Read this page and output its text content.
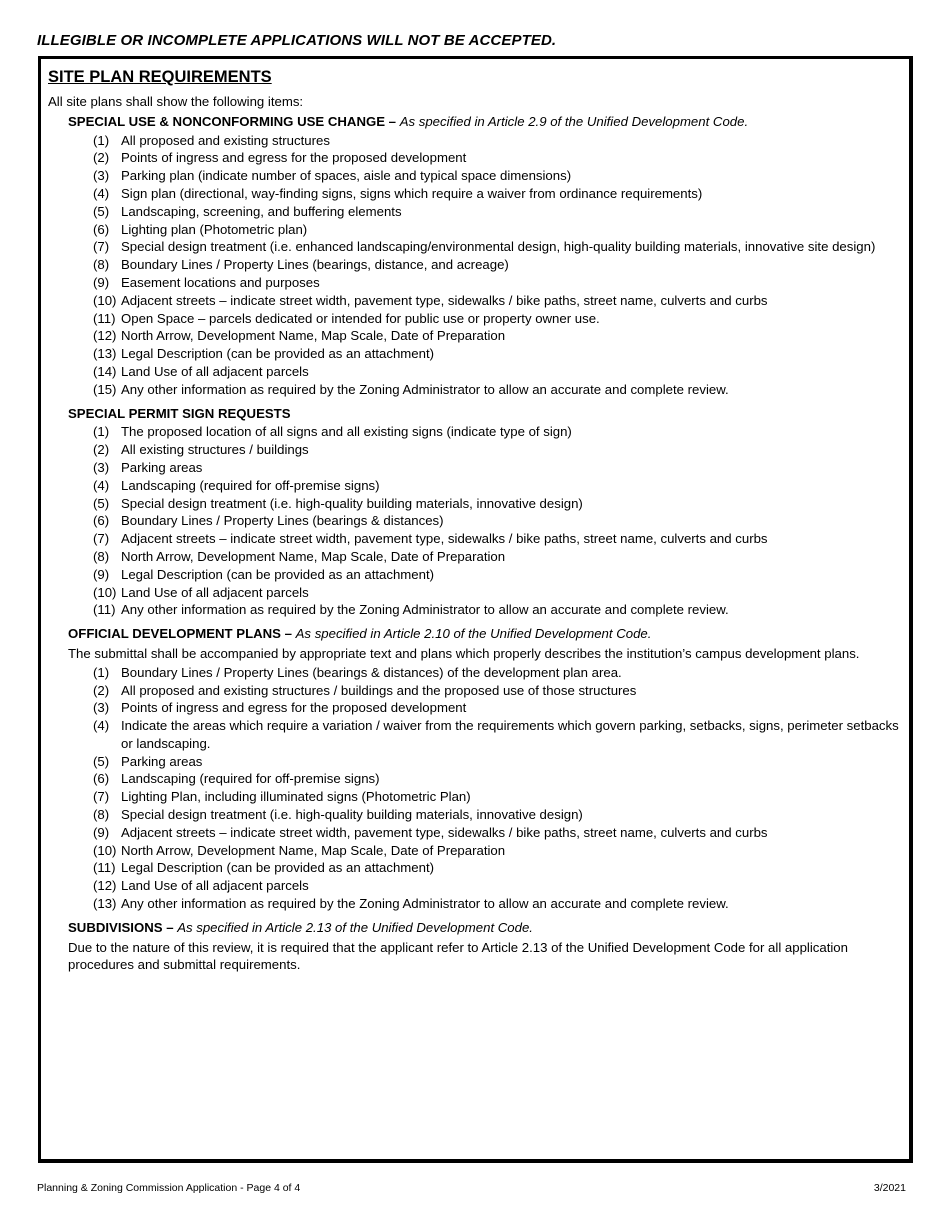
ILLEGIBLE OR INCOMPLETE APPLICATIONS WILL NOT BE ACCEPTED.
SITE PLAN REQUIREMENTS
All site plans shall show the following items:
SPECIAL USE & NONCONFORMING USE CHANGE – As specified in Article 2.9 of the Unified Development Code.
(1) All proposed and existing structures
(2) Points of ingress and egress for the proposed development
(3) Parking plan (indicate number of spaces, aisle and typical space dimensions)
(4) Sign plan (directional, way-finding signs, signs which require a waiver from ordinance requirements)
(5) Landscaping, screening, and buffering elements
(6) Lighting plan (Photometric plan)
(7) Special design treatment (i.e. enhanced landscaping/environmental design, high-quality building materials, innovative site design)
(8) Boundary Lines / Property Lines (bearings, distance, and acreage)
(9) Easement locations and purposes
(10) Adjacent streets – indicate street width, pavement type, sidewalks / bike paths, street name, culverts and curbs
(11) Open Space – parcels dedicated or intended for public use or property owner use.
(12) North Arrow, Development Name, Map Scale, Date of Preparation
(13) Legal Description (can be provided as an attachment)
(14) Land Use of all adjacent parcels
(15) Any other information as required by the Zoning Administrator to allow an accurate and complete review.
SPECIAL PERMIT SIGN REQUESTS
(1) The proposed location of all signs and all existing signs (indicate type of sign)
(2) All existing structures / buildings
(3) Parking areas
(4) Landscaping (required for off-premise signs)
(5) Special design treatment (i.e. high-quality building materials, innovative design)
(6) Boundary Lines / Property Lines (bearings & distances)
(7) Adjacent streets – indicate street width, pavement type, sidewalks / bike paths, street name, culverts and curbs
(8) North Arrow, Development Name, Map Scale, Date of Preparation
(9) Legal Description (can be provided as an attachment)
(10) Land Use of all adjacent parcels
(11) Any other information as required by the Zoning Administrator to allow an accurate and complete review.
OFFICIAL DEVELOPMENT PLANS – As specified in Article 2.10 of the Unified Development Code.
The submittal shall be accompanied by appropriate text and plans which properly describes the institution’s campus development plans.
(1) Boundary Lines / Property Lines (bearings & distances) of the development plan area.
(2) All proposed and existing structures / buildings and the proposed use of those structures
(3) Points of ingress and egress for the proposed development
(4) Indicate the areas which require a variation / waiver from the requirements which govern parking, setbacks, signs, perimeter setbacks or landscaping.
(5) Parking areas
(6) Landscaping (required for off-premise signs)
(7) Lighting Plan, including illuminated signs (Photometric Plan)
(8) Special design treatment (i.e. high-quality building materials, innovative design)
(9) Adjacent streets – indicate street width, pavement type, sidewalks / bike paths, street name, culverts and curbs
(10) North Arrow, Development Name, Map Scale, Date of Preparation
(11) Legal Description (can be provided as an attachment)
(12) Land Use of all adjacent parcels
(13) Any other information as required by the Zoning Administrator to allow an accurate and complete review.
SUBDIVISIONS – As specified in Article 2.13 of the Unified Development Code.
Due to the nature of this review, it is required that the applicant refer to Article 2.13 of the Unified Development Code for all application procedures and submittal requirements.
Planning & Zoning Commission Application - Page 4 of 4	3/2021
